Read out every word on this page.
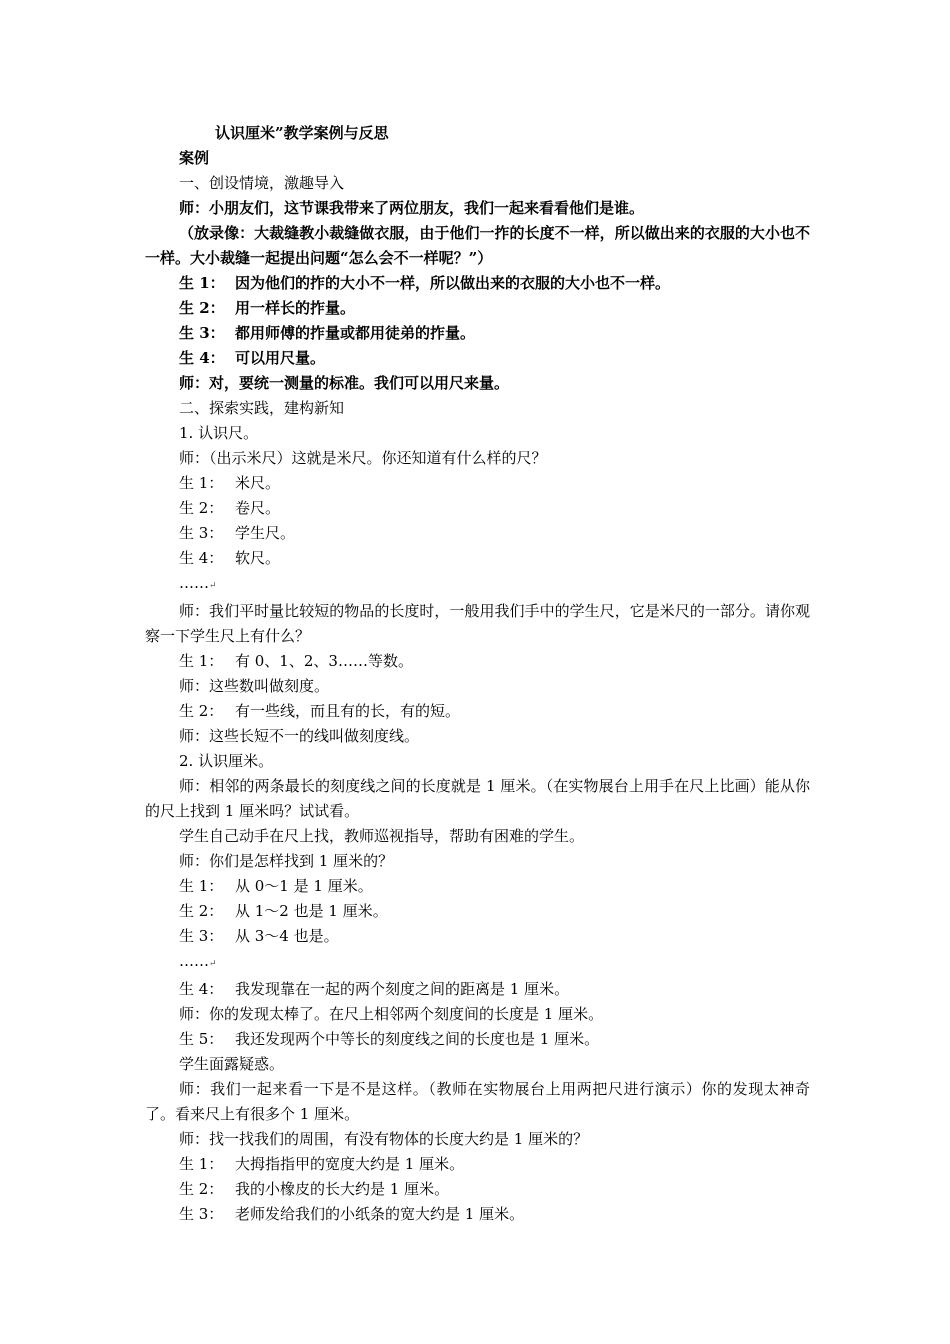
认识厘米”教学案例与反思
案例
一、创设情境，激趣导入
师：小朋友们，这节课我带来了两位朋友，我们一起来看看他们是谁。
（放录像：大裁缝教小裁缝做衣服，由于他们一拃的长度不一样，所以做出来的衣服的大小也不一样。大小裁缝一起提出问题“怎么会不一样呢？”）
生 1： 因为他们的拃的大小不一样，所以做出来的衣服的大小也不一样。
生 2： 用一样长的拃量。
生 3： 都用师傅的拃量或都用徒弟的拃量。
生 4： 可以用尺量。
师：对，要统一测量的标准。我们可以用尺来量。
二、探索实践，建构新知
1. 认识尺。
师：（出示米尺）这就是米尺。你还知道有什么样的尺？
生 1： 米尺。
生 2： 卷尺。
生 3： 学生尺。
生 4： 软尺。
……↵
师：我们平时量比较短的物品的长度时，一般用我们手中的学生尺，它是米尺的一部分。请你观察一下学生尺上有什么？
生 1： 有 0、1、2、3……等数。
师：这些数叫做刻度。
生 2： 有一些线，而且有的长，有的短。
师：这些长短不一的线叫做刻度线。
2. 认识厘米。
师：相邻的两条最长的刻度线之间的长度就是 1 厘米。（在实物展台上用手在尺上比画）能从你的尺上找到 1 厘米吗？试试看。
学生自己动手在尺上找，教师巡视指导，帮助有困难的学生。
师：你们是怎样找到 1 厘米的？
生 1： 从 0～1 是 1 厘米。
生 2： 从 1～2 也是 1 厘米。
生 3： 从 3～4 也是。
……↵
生 4： 我发现靠在一起的两个刻度之间的距离是 1 厘米。
师：你的发现太棒了。在尺上相邻两个刻度间的长度是 1 厘米。
生 5： 我还发现两个中等长的刻度线之间的长度也是 1 厘米。
学生面露疑惑。
师：我们一起来看一下是不是这样。（教师在实物展台上用两把尺进行演示）你的发现太神奇了。看来尺上有很多个 1 厘米。
师：找一找我们的周围，有没有物体的长度大约是 1 厘米的？
生 1： 大拇指指甲的宽度大约是 1 厘米。
生 2： 我的小橡皮的长大约是 1 厘米。
生 3： 老师发给我们的小纸条的宽大约是 1 厘米。
